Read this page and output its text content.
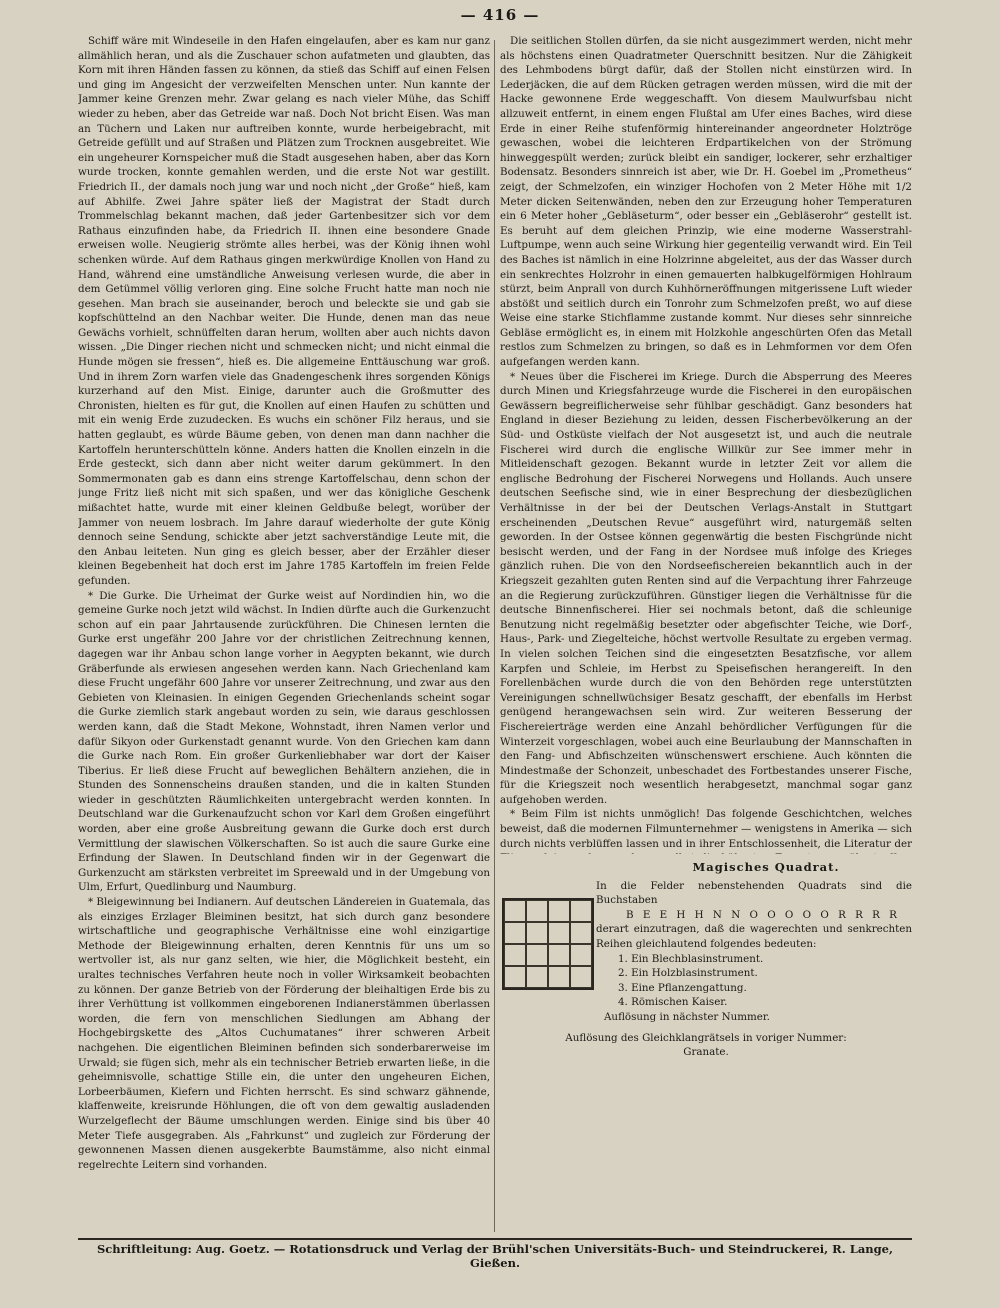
— 416 —

Schiff wäre mit Windeseile in den Hafen eingelaufen, aber es kam nur ganz allmählich heran, und als die Zuschauer schon aufatmeten und glaubten, das Korn mit ihren Händen fassen zu können, da stieß das Schiff auf einen Felsen und ging im Angesicht der verzweifelten Menschen unter. Nun kannte der Jammer keine Grenzen mehr. Zwar gelang es nach vieler Mühe, das Schiff wieder zu heben, aber das Getreide war naß. Doch Not bricht Eisen. Was man an Tüchern und Laken nur auftreiben konnte, wurde herbeigebracht, mit Getreide gefüllt und auf Straßen und Plätzen zum Trocknen ausgebreitet. Wie ein ungeheurer Kornspeicher muß die Stadt ausgesehen haben, aber das Korn wurde trocken, konnte gemahlen werden, und die erste Not war gestillt. Friedrich II., der damals noch jung war und noch nicht „der Große“ hieß, kam auf Abhilfe. Zwei Jahre später ließ der Magistrat der Stadt durch Trommelschlag bekannt machen, daß jeder Gartenbesitzer sich vor dem Rathaus einzufinden habe, da Friedrich II. ihnen eine besondere Gnade erweisen wolle. Neugierig strömte alles herbei, was der König ihnen wohl schenken würde. Auf dem Rathaus gingen merkwürdige Knollen von Hand zu Hand, während eine umständliche Anweisung verlesen wurde, die aber in dem Getümmel völlig verloren ging. Eine solche Frucht hatte man noch nie gesehen. Man brach sie auseinander, beroch und beleckte sie und gab sie kopfschüttelnd an den Nachbar weiter. Die Hunde, denen man das neue Gewächs vorhielt, schnüffelten daran herum, wollten aber auch nichts davon wissen. „Die Dinger riechen nicht und schmecken nicht; und nicht einmal die Hunde mögen sie fressen“, hieß es. Die allgemeine Enttäuschung war groß. Und in ihrem Zorn warfen viele das Gnadengeschenk ihres sorgenden Königs kurzerhand auf den Mist. Einige, darunter auch die Großmutter des Chronisten, hielten es für gut, die Knollen auf einen Haufen zu schütten und mit ein wenig Erde zuzudecken. Es wuchs ein schöner Filz heraus, und sie hatten geglaubt, es würde Bäume geben, von denen man dann nachher die Kartoffeln herunterschütteln könne. Anders hatten die Knollen einzeln in die Erde gesteckt, sich dann aber nicht weiter darum gekümmert. In den Sommermonaten gab es dann eins strenge Kartoffelschau, denn schon der junge Fritz ließ nicht mit sich spaßen, und wer das königliche Geschenk mißachtet hatte, wurde mit einer kleinen Geldbuße belegt, worüber der Jammer von neuem losbrach. Im Jahre darauf wiederholte der gute König dennoch seine Sendung, schickte aber jetzt sachverständige Leute mit, die den Anbau leiteten. Nun ging es gleich besser, aber der Erzähler dieser kleinen Begebenheit hat doch erst im Jahre 1785 Kartoffeln im freien Felde gefunden.

* Die Gurke. Die Urheimat der Gurke weist auf Nordindien hin, wo die gemeine Gurke noch jetzt wild wächst. In Indien dürfte auch die Gurkenzucht schon auf ein paar Jahrtausende zurückführen. Die Chinesen lernten die Gurke erst ungefähr 200 Jahre vor der christlichen Zeitrechnung kennen, dagegen war ihr Anbau schon lange vorher in Aegypten bekannt, wie durch Gräberfunde als erwiesen angesehen werden kann. Nach Griechenland kam diese Frucht ungefähr 600 Jahre vor unserer Zeitrechnung, und zwar aus den Gebieten von Kleinasien. In einigen Gegenden Griechenlands scheint sogar die Gurke ziemlich stark angebaut worden zu sein, wie daraus geschlossen werden kann, daß die Stadt Mekone, Wohnstadt, ihren Namen verlor und dafür Sikyon oder Gurkenstadt genannt wurde. Von den Griechen kam dann die Gurke nach Rom. Ein großer Gurkenliebhaber war dort der Kaiser Tiberius. Er ließ diese Frucht auf beweglichen Behältern anziehen, die in Stunden des Sonnenscheins draußen standen, und die in kalten Stunden wieder in geschützten Räumlichkeiten untergebracht werden konnten. In Deutschland war die Gurkenaufzucht schon vor Karl dem Großen eingeführt worden, aber eine große Ausbreitung gewann die Gurke doch erst durch Vermittlung der slawischen Völkerschaften. So ist auch die saure Gurke eine Erfindung der Slawen. In Deutschland finden wir in der Gegenwart die Gurkenzucht am stärksten verbreitet im Spreewald und in der Umgebung von Ulm, Erfurt, Quedlinburg und Naumburg.

* Bleigewinnung bei Indianern. Auf deutschen Ländereien in Guatemala, das als einziges Erzlager Bleiminen besitzt, hat sich durch ganz besondere wirtschaftliche und geographische Verhältnisse eine wohl einzigartige Methode der Bleigewinnung erhalten, deren Kenntnis für uns um so wertvoller ist, als nur ganz selten, wie hier, die Möglichkeit besteht, ein uraltes technisches Verfahren heute noch in voller Wirksamkeit beobachten zu können. Der ganze Betrieb von der Förderung der bleihaltigen Erde bis zu ihrer Verhüttung ist vollkommen eingeborenen Indianerstämmen überlassen worden, die fern von menschlichen Siedlungen am Abhang der Hochgebirgskette des „Altos Cuchumatanes“ ihrer schweren Arbeit nachgehen. Die eigentlichen Bleiminen befinden sich sonderbarerweise im Urwald; sie fügen sich, mehr als ein technischer Betrieb erwarten ließe, in die geheimnisvolle, schattige Stille ein, die unter den ungeheuren Eichen, Lorbeerbäumen, Kiefern und Fichten herrscht. Es sind schwarz gähnende, klaffenweite, kreisrunde Höhlungen, die oft von dem gewaltig ausladenden Wurzelgeflecht der Bäume umschlungen werden. Einige sind bis über 40 Meter Tiefe ausgegraben. Als „Fahrkunst“ und zugleich zur Förderung der gewonnenen Massen dienen ausgekerbte Baumstämme, also nicht einmal regelrechte Leitern sind vorhanden.

Die seitlichen Stollen dürfen, da sie nicht ausgezimmert werden, nicht mehr als höchstens einen Quadratmeter Querschnitt besitzen. Nur die Zähigkeit des Lehmbodens bürgt dafür, daß der Stollen nicht einstürzen wird. In Lederjäcken, die auf dem Rücken getragen werden müssen, wird die mit der Hacke gewonnene Erde weggeschafft. Von diesem Maulwurfsbau nicht allzuweit entfernt, in einem engen Flußtal am Ufer eines Baches, wird diese Erde in einer Reihe stufenförmig hintereinander angeordneter Holztröge gewaschen, wobei die leichteren Erdpartikelchen von der Strömung hinweggespült werden; zurück bleibt ein sandiger, lockerer, sehr erzhaltiger Bodensatz. Besonders sinnreich ist aber, wie Dr. H. Goebel im „Prometheus“ zeigt, der Schmelzofen, ein winziger Hochofen von 2 Meter Höhe mit 1/2 Meter dicken Seitenwänden, neben den zur Erzeugung hoher Temperaturen ein 6 Meter hoher „Gebläseturm“, oder besser ein „Gebläserohr“ gestellt ist. Es beruht auf dem gleichen Prinzip, wie eine moderne Wasserstrahl-Luftpumpe, wenn auch seine Wirkung hier gegenteilig verwandt wird. Ein Teil des Baches ist nämlich in eine Holzrinne abgeleitet, aus der das Wasser durch ein senkrechtes Holzrohr in einen gemauerten halbkugelförmigen Hohlraum stürzt, beim Anprall von durch Kuhhörneröffnungen mitgerissene Luft wieder abstößt und seitlich durch ein Tonrohr zum Schmelzofen preßt, wo auf diese Weise eine starke Stichflamme zustande kommt. Nur dieses sehr sinnreiche Gebläse ermöglicht es, in einem mit Holzkohle angeschürten Ofen das Metall restlos zum Schmelzen zu bringen, so daß es in Lehmformen vor dem Ofen aufgefangen werden kann.

* Neues über die Fischerei im Kriege. Durch die Absperrung des Meeres durch Minen und Kriegsfahrzeuge wurde die Fischerei in den europäischen Gewässern begreiflicherweise sehr fühlbar geschädigt. Ganz besonders hat England in dieser Beziehung zu leiden, dessen Fischerbevölkerung an der Süd- und Ostküste vielfach der Not ausgesetzt ist, und auch die neutrale Fischerei wird durch die englische Willkür zur See immer mehr in Mitleidenschaft gezogen. Bekannt wurde in letzter Zeit vor allem die englische Bedrohung der Fischerei Norwegens und Hollands. Auch unsere deutschen Seefische sind, wie in einer Besprechung der diesbezüglichen Verhältnisse in der bei der Deutschen Verlags-Anstalt in Stuttgart erscheinenden „Deutschen Revue“ ausgeführt wird, naturgemäß selten geworden. In der Ostsee können gegenwärtig die besten Fischgründe nicht besischt werden, und der Fang in der Nordsee muß infolge des Krieges gänzlich ruhen. Die von den Nordseefischereien bekanntlich auch in der Kriegszeit gezahlten guten Renten sind auf die Verpachtung ihrer Fahrzeuge an die Regierung zurückzuführen. Günstiger liegen die Verhältnisse für die deutsche Binnenfischerei. Hier sei nochmals betont, daß die schleunige Benutzung nicht regelmäßig besetzter oder abgefischter Teiche, wie Dorf-, Haus-, Park- und Ziegelteiche, höchst wertvolle Resultate zu ergeben vermag. In vielen solchen Teichen sind die eingesetzten Besatzfische, vor allem Karpfen und Schleie, im Herbst zu Speisefischen herangereift. In den Forellenbächen wurde durch die von den Behörden rege unterstützten Vereinigungen schnellwüchsiger Besatz geschafft, der ebenfalls im Herbst genügend herangewachsen sein wird. Zur weiteren Besserung der Fischereierträge werden eine Anzahl behördlicher Verfügungen für die Winterzeit vorgeschlagen, wobei auch eine Beurlaubung der Mannschaften in den Fang- und Abfischzeiten wünschenswert erschiene. Auch könnten die Mindestmaße der Schonzeit, unbeschadet des Fortbestandes unserer Fische, für die Kriegszeit noch wesentlich herabgesetzt, manchmal sogar ganz aufgehoben werden.

* Beim Film ist nichts unmöglich! Das folgende Geschichtchen, welches beweist, daß die modernen Filmunternehmer — wenigstens in Amerika — sich durch nichts verblüffen lassen und in ihrer Entschlossenheit, die Literatur der

Magisches Quadrat.
In die Felder nebenstehenden Quadrats sind die Buchstaben
B E E H H N N O O O O O R R R R
derart einzutragen, daß die wagerechten und senkrechten Reihen gleichlautend folgendes bedeuten:
1. Ein Blechblasinstrument.
2. Ein Holzblasinstrument.
3. Eine Pflanzengattung.
4. Römischen Kaiser.
Auflösung in nächster Nummer.
Auflösung des Gleichklangrätsels in voriger Nummer:
Granate.
Schriftleitung: Aug. Goetz. — Rotationsdruck und Verlag der Brühl'schen Universitäts-Buch- und Steindruckerei, R. Lange, Gießen.
